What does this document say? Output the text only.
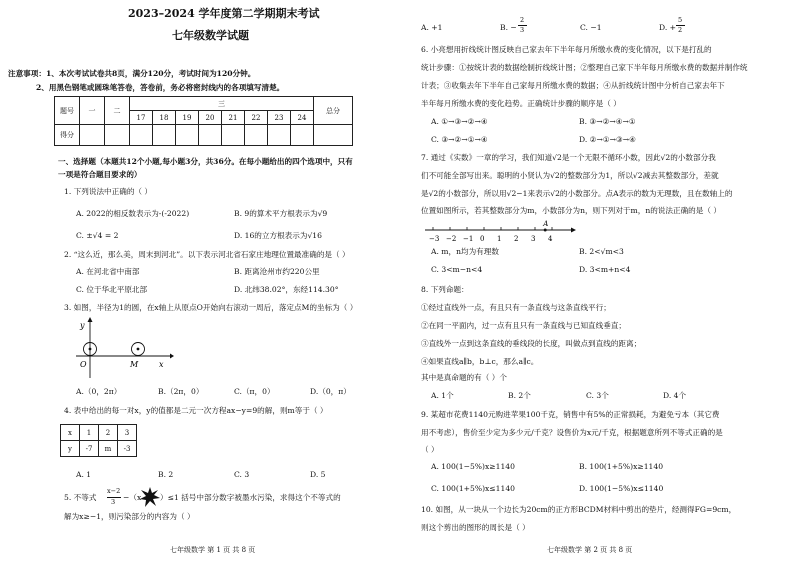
2023–2024 学年度第二学期期末考试
七年级数学试题
注意事项：1、本次考试试卷共8页，满分120分，考试时间为120分钟。
2、用黑色钢笔或圆珠笔答卷，答卷前，务必将密封线内的各项填写清楚。
题号	一	二	三								总分
			17	18	19	20	21	22	23	24	
得分											
一、选择题（本题共12个小题,每小题3分，共36分。在每小题给出的四个选项中，只有
一项是符合题目要求的）
1. 下列说法中正确的（ ）
A. 2022的相反数表示为-(-2022)	B. 9的算术平方根表示为√9
C. ±√4 = 2	D. 16的立方根表示为√16
2. “这么近，那么美，周末到河北”。以下表示河北省石家庄地理位置最准确的是（ ）
A. 在河北省中南部	B. 距离沧州市约220公里
C. 位于华北平原北部	D. 北纬38.02°，东经114.30°
3. 如图，半径为1的圆，在x轴上从原点O开始向右滚动一周后，落定点M的坐标为（ ）
y
O	M	x
A.（0，2π）	B.（2π，0）	C.（π，0）	D.（0，π）
4. 表中给出的每一对x，y的值都是二元一次方程ax−y=9的解，则m等于（ ）
x	1	2	3
y	-7	m	-3
A. 1	B. 2	C. 3	D. 5
5. 不等式
x−2
3 −（x ）≤1 括号中部分数字被墨水污染，求得这个不等式的
解为x≥−1，则污染部分的内容为（ ）
七年级数学 第 1 页 共 8 页
A. +1	B. −
2
3	C. −1	D. +
5
2
6. 小亮想用折线统计图反映自己家去年下半年每月所缴水费的变化情况，以下是打乱的
统计步骤：①按统计表的数据绘制折线统计图；②整理自己家下半年每月所缴水费的数据并制作统
计表；③收集去年下半年自己家每月所缴水费的数据；④从折线统计图中分析自己家去年下
半年每月所缴水费的变化趋势。正确统计步骤的顺序是（ ）
A. ①→③→②→④	B. ③→②→④→①
C. ③→②→①→④	D. ②→①→③→④
7. 通过《实数》一章的学习，我们知道√2是一个无限不循环小数，因此√2的小数部分我
们不可能全部写出来。聪明的小贤认为√2的整数部分为1，所以√2减去其整数部分，差就
是√2的小数部分，所以用√2−1来表示√2的小数部分。点A表示的数为无理数，且在数轴上的
位置如图所示，若其整数部分为m，小数部分为n，则下列对于m，n的说法正确的是（ ）
−3 −2 −1 0 1 2 3 4
A
A. m，n均为有理数	B. 2<√m<3
C. 3<m−n<4	D. 3<m+n<4
8. 下列命题：
①经过直线外一点，有且只有一条直线与这条直线平行；
②在同一平面内，过一点有且只有一条直线与已知直线垂直；
③直线外一点到这条直线的垂线段的长度，叫做点到直线的距离；
④如果直线a∥b，b⊥c，那么a∥c。
其中是真命题的有（ ）个
A. 1个	B. 2个	C. 3个	D. 4个
9. 某超市花费1140元购进苹果100千克，销售中有5%的正常损耗，为避免亏本（其它费
用不考虑），售价至少定为多少元/千克？设售价为x元/千克，根据题意所列不等式正确的是
（ ）
A. 100(1−5%)x≥1140	B. 100(1+5%)x≥1140
C. 100(1+5%)x≤1140	D. 100(1−5%)x≤1140
10. 如图，从一块从一个边长为20cm的正方形BCDM材料中剪出的垫片，经测得FG=9cm，
则这个剪出的图形的周长是（ ）
七年级数学 第 2 页 共 8 页
